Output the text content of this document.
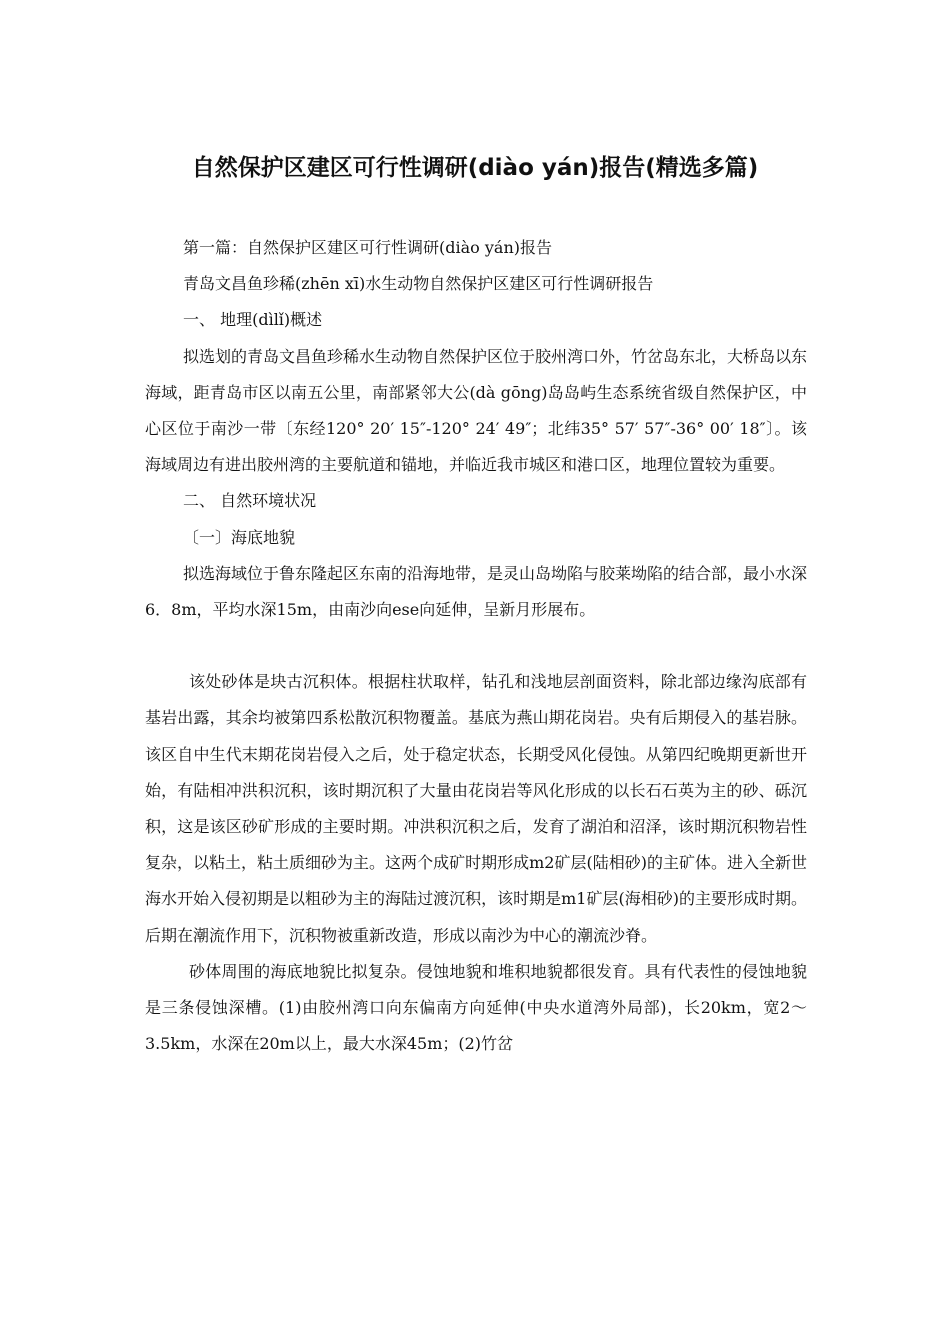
自然保护区建区可行性调研(diào yán)报告(精选多篇)

第一篇：自然保护区建区可行性调研(diào yán)报告

青岛文昌鱼珍稀(zhēn xī)水生动物自然保护区建区可行性调研报告

一、 地理(dìlǐ)概述

拟选划的青岛文昌鱼珍稀水生动物自然保护区位于胶州湾口外，竹岔岛东北，大桥岛以东海域，距青岛市区以南五公里，南部紧邻大公(dà gōng)岛岛屿生态系统省级自然保护区，中心区位于南沙一带〔东经120° 20′ 15″-120° 24′ 49″；北纬35° 57′ 57″-36° 00′ 18″〕。该海域周边有进出胶州湾的主要航道和锚地，并临近我市城区和港口区，地理位置较为重要。

二、 自然环境状况

〔一〕海底地貌

拟选海域位于鲁东隆起区东南的沿海地带，是灵山岛坳陷与胶莱坳陷的结合部，最小水深6．8m，平均水深15m，由南沙向ese向延伸，呈新月形展布。

该处砂体是块古沉积体。根据柱状取样，钻孔和浅地层剖面资料，除北部边缘沟底部有基岩出露，其余均被第四系松散沉积物覆盖。基底为燕山期花岗岩。央有后期侵入的基岩脉。该区自中生代末期花岗岩侵入之后，处于稳定状态，长期受风化侵蚀。从第四纪晚期更新世开始，有陆相冲洪积沉积，该时期沉积了大量由花岗岩等风化形成的以长石石英为主的砂、砾沉积，这是该区砂矿形成的主要时期。冲洪积沉积之后，发育了湖泊和沼泽，该时期沉积物岩性复杂，以粘土，粘土质细砂为主。这两个成矿时期形成m2矿层(陆相砂)的主矿体。进入全新世海水开始入侵初期是以粗砂为主的海陆过渡沉积，该时期是m1矿层(海相砂)的主要形成时期。后期在潮流作用下，沉积物被重新改造，形成以南沙为中心的潮流沙脊。

砂体周围的海底地貌比拟复杂。侵蚀地貌和堆积地貌都很发育。具有代表性的侵蚀地貌是三条侵蚀深槽。(1)由胶州湾口向东偏南方向延伸(中央水道湾外局部)，长20km，宽2～3.5km，水深在20m以上，最大水深45m；(2)竹岔
